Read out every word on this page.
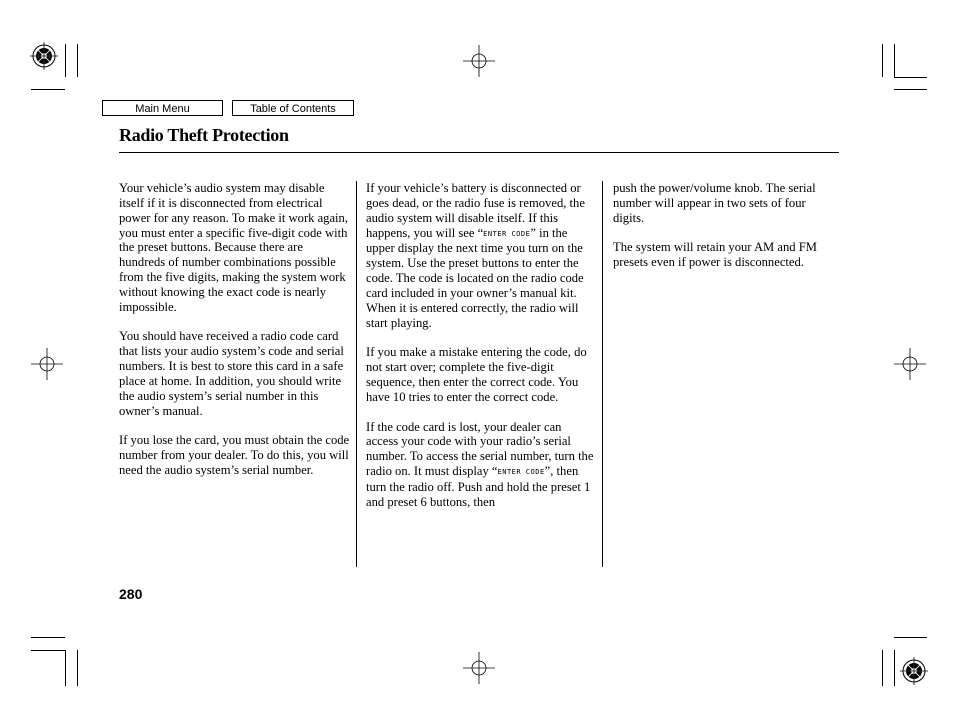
Main Menu	Table of Contents
Radio Theft Protection

Your vehicle’s audio system may disable itself if it is disconnected from electrical power for any reason. To make it work again, you must enter a specific five-digit code with the preset buttons. Because there are hundreds of number combinations possible from the five digits, making the system work without knowing the exact code is nearly impossible.

You should have received a radio code card that lists your audio system’s code and serial numbers. It is best to store this card in a safe place at home. In addition, you should write the audio system’s serial number in this owner’s manual.

If you lose the card, you must obtain the code number from your dealer. To do this, you will need the audio system’s serial number.

If your vehicle’s battery is disconnected or goes dead, or the radio fuse is removed, the audio system will disable itself. If this happens, you will see “ENTER CODE” in the upper display the next time you turn on the system. Use the preset buttons to enter the code. The code is located on the radio code card included in your owner’s manual kit. When it is entered correctly, the radio will start playing.

If you make a mistake entering the code, do not start over; complete the five-digit sequence, then enter the correct code. You have 10 tries to enter the correct code.

If the code card is lost, your dealer can access your code with your radio’s serial number. To access the serial number, turn the radio on. It must display “ENTER CODE”, then turn the radio off. Push and hold the preset 1 and preset 6 buttons, then

push the power/volume knob. The serial number will appear in two sets of four digits.

The system will retain your AM and FM presets even if power is disconnected.

280
